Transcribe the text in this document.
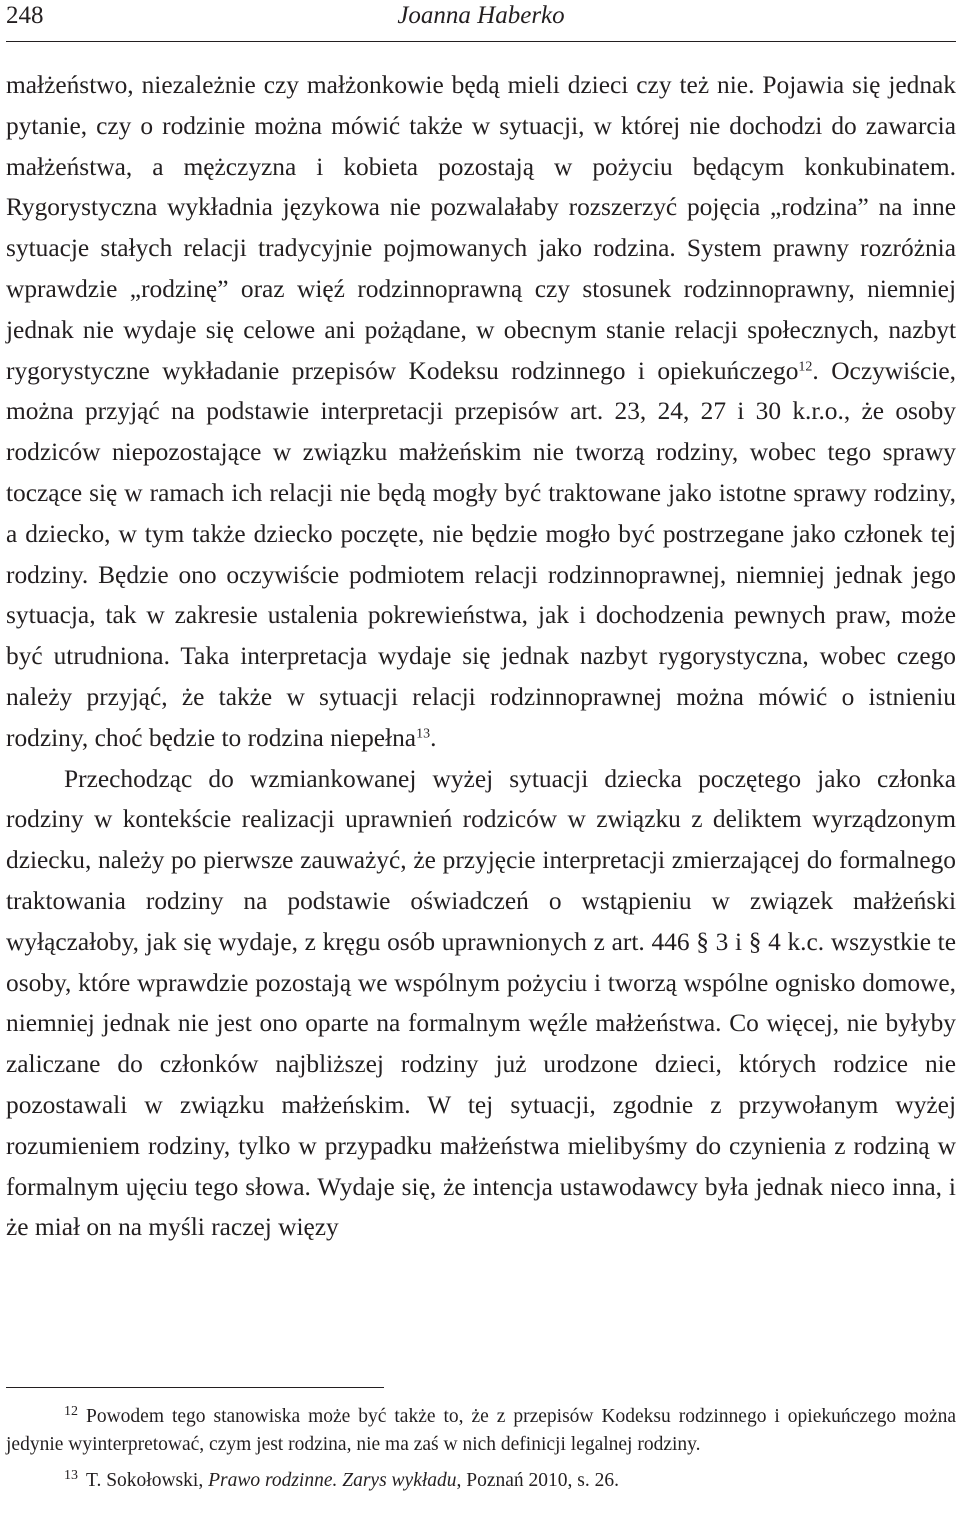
248	Joanna Haberko

małżeństwo, niezależnie czy małżonkowie będą mieli dzieci czy też nie. Pojawia się jednak pytanie, czy o rodzinie można mówić także w sytuacji, w której nie dochodzi do zawarcia małżeństwa, a mężczyzna i kobieta pozostają w pożyciu będącym konkubinatem. Rygorystyczna wykładnia językowa nie pozwalałaby rozszerzyć pojęcia „rodzina” na inne sytuacje stałych relacji tradycyjnie pojmowanych jako rodzina. System prawny rozróżnia wprawdzie „rodzinę” oraz więź rodzinnoprawną czy stosunek rodzinnoprawny, niemniej jednak nie wydaje się celowe ani pożądane, w obecnym stanie relacji społecznych, nazbyt rygorystyczne wykładanie przepisów Kodeksu rodzinnego i opiekuńczego$^{12}$. Oczywiście, można przyjąć na podstawie interpretacji przepisów art. 23, 24, 27 i 30 k.r.o., że osoby rodziców niepozostające w związku małżeńskim nie tworzą rodziny, wobec tego sprawy toczące się w ramach ich relacji nie będą mogły być traktowane jako istotne sprawy rodziny, a dziecko, w tym także dziecko poczęte, nie będzie mogło być postrzegane jako członek tej rodziny. Będzie ono oczywiście podmiotem relacji rodzinnoprawnej, niemniej jednak jego sytuacja, tak w zakresie ustalenia pokrewieństwa, jak i dochodzenia pewnych praw, może być utrudniona. Taka interpretacja wydaje się jednak nazbyt rygorystyczna, wobec czego należy przyjąć, że także w sytuacji relacji rodzinnoprawnej można mówić o istnieniu rodziny, choć będzie to rodzina niepełna$^{13}$.

Przechodząc do wzmiankowanej wyżej sytuacji dziecka poczętego jako członka rodziny w kontekście realizacji uprawnień rodziców w związku z deliktem wyrządzonym dziecku, należy po pierwsze zauważyć, że przyjęcie interpretacji zmierzającej do formalnego traktowania rodziny na podstawie oświadczeń o wstąpieniu w związek małżeński wyłączałoby, jak się wydaje, z kręgu osób uprawnionych z art. 446 § 3 i § 4 k.c. wszystkie te osoby, które wprawdzie pozostają we wspólnym pożyciu i tworzą wspólne ognisko domowe, niemniej jednak nie jest ono oparte na formalnym węźle małżeństwa. Co więcej, nie byłyby zaliczane do członków najbliższej rodziny już urodzone dzieci, których rodzice nie pozostawali w związku małżeńskim. W tej sytuacji, zgodnie z przywołanym wyżej rozumieniem rodziny, tylko w przypadku małżeństwa mielibyśmy do czynienia z rodziną w formalnym ujęciu tego słowa. Wydaje się, że intencja ustawodawcy była jednak nieco inna, i że miał on na myśli raczej więzy

$^{12}$ Powodem tego stanowiska może być także to, że z przepisów Kodeksu rodzinnego i opiekuńczego można jedynie wyinterpretować, czym jest rodzina, nie ma zaś w nich definicji legalnej rodziny.

$^{13}$ T. Sokołowski, Prawo rodzinne. Zarys wykładu, Poznań 2010, s. 26.
